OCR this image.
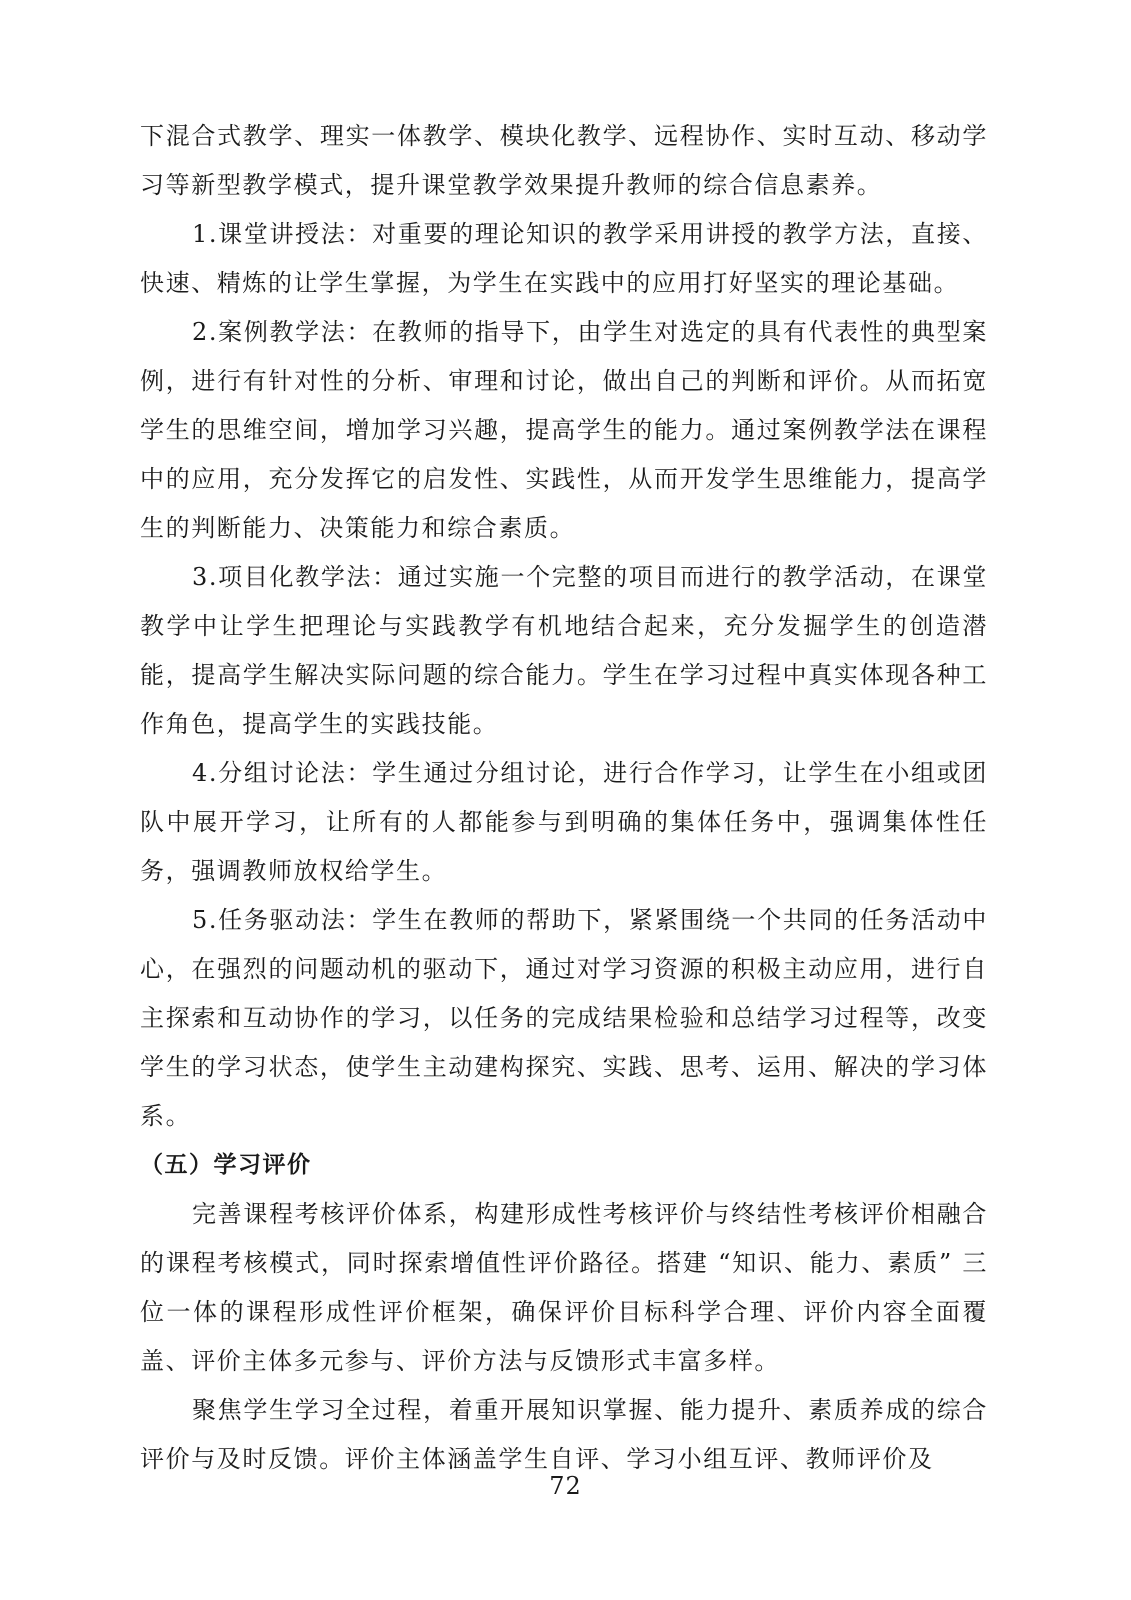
下混合式教学、理实一体教学、模块化教学、远程协作、实时互动、移动学习等新型教学模式，提升课堂教学效果提升教师的综合信息素养。

1.课堂讲授法：对重要的理论知识的教学采用讲授的教学方法，直接、快速、精炼的让学生掌握，为学生在实践中的应用打好坚实的理论基础。

2.案例教学法：在教师的指导下，由学生对选定的具有代表性的典型案例，进行有针对性的分析、审理和讨论，做出自己的判断和评价。从而拓宽学生的思维空间，增加学习兴趣，提高学生的能力。通过案例教学法在课程中的应用，充分发挥它的启发性、实践性，从而开发学生思维能力，提高学生的判断能力、决策能力和综合素质。

3.项目化教学法：通过实施一个完整的项目而进行的教学活动，在课堂教学中让学生把理论与实践教学有机地结合起来，充分发掘学生的创造潜能，提高学生解决实际问题的综合能力。学生在学习过程中真实体现各种工作角色，提高学生的实践技能。

4.分组讨论法：学生通过分组讨论，进行合作学习，让学生在小组或团队中展开学习，让所有的人都能参与到明确的集体任务中，强调集体性任务，强调教师放权给学生。

5.任务驱动法：学生在教师的帮助下，紧紧围绕一个共同的任务活动中心，在强烈的问题动机的驱动下，通过对学习资源的积极主动应用，进行自主探索和互动协作的学习，以任务的完成结果检验和总结学习过程等，改变学生的学习状态，使学生主动建构探究、实践、思考、运用、解决的学习体系。

（五）学习评价

完善课程考核评价体系，构建形成性考核评价与终结性考核评价相融合的课程考核模式，同时探索增值性评价路径。搭建 “知识、能力、素质” 三位一体的课程形成性评价框架，确保评价目标科学合理、评价内容全面覆盖、评价主体多元参与、评价方法与反馈形式丰富多样。

聚焦学生学习全过程，着重开展知识掌握、能力提升、素质养成的综合评价与及时反馈。评价主体涵盖学生自评、学习小组互评、教师评价及

72
